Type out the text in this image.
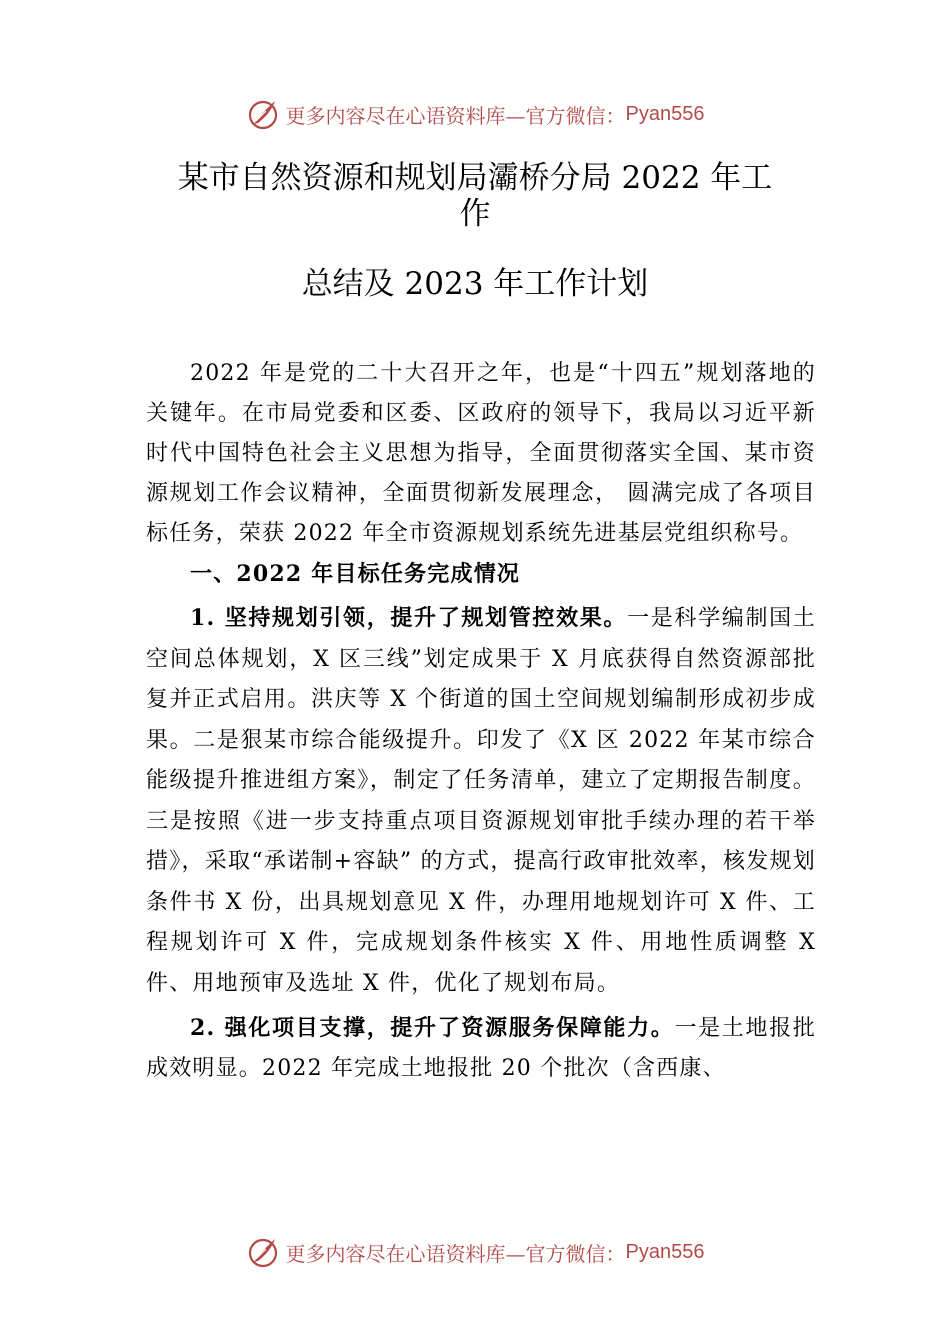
更多内容尽在心语资料库—官方微信： Pyan556
某市自然资源和规划局灞桥分局 2022 年工
作
总结及 2023 年工作计划

2022 年是党的二十大召开之年，也是“十四五”规划落地的关键年。在市局党委和区委、区政府的领导下，我局以习近平新时代中国特色社会主义思想为指导，全面贯彻落实全国、某市资源规划工作会议精神，全面贯彻新发展理念， 圆满完成了各项目标任务，荣获 2022 年全市资源规划系统先进基层党组织称号。

一、2022 年目标任务完成情况

1. 坚持规划引领，提升了规划管控效果。一是科学编制国土空间总体规划，X 区三线”划定成果于 X 月底获得自然资源部批复并正式启用。洪庆等 X 个街道的国土空间规划编制形成初步成果。二是狠某市综合能级提升。印发了《X 区 2022 年某市综合能级提升推进组方案》，制定了任务清单，建立了定期报告制度。三是按照《进一步支持重点项目资源规划审批手续办理的若干举措》，采取“承诺制+容缺” 的方式，提高行政审批效率，核发规划条件书 X 份，出具规划意见 X 件，办理用地规划许可 X 件、工程规划许可 X 件，完成规划条件核实 X 件、用地性质调整 X 件、用地预审及选址 X 件，优化了规划布局。

2. 强化项目支撑，提升了资源服务保障能力。一是土地报批成效明显。2022 年完成土地报批 20 个批次（含西康、

更多内容尽在心语资料库—官方微信： Pyan556
